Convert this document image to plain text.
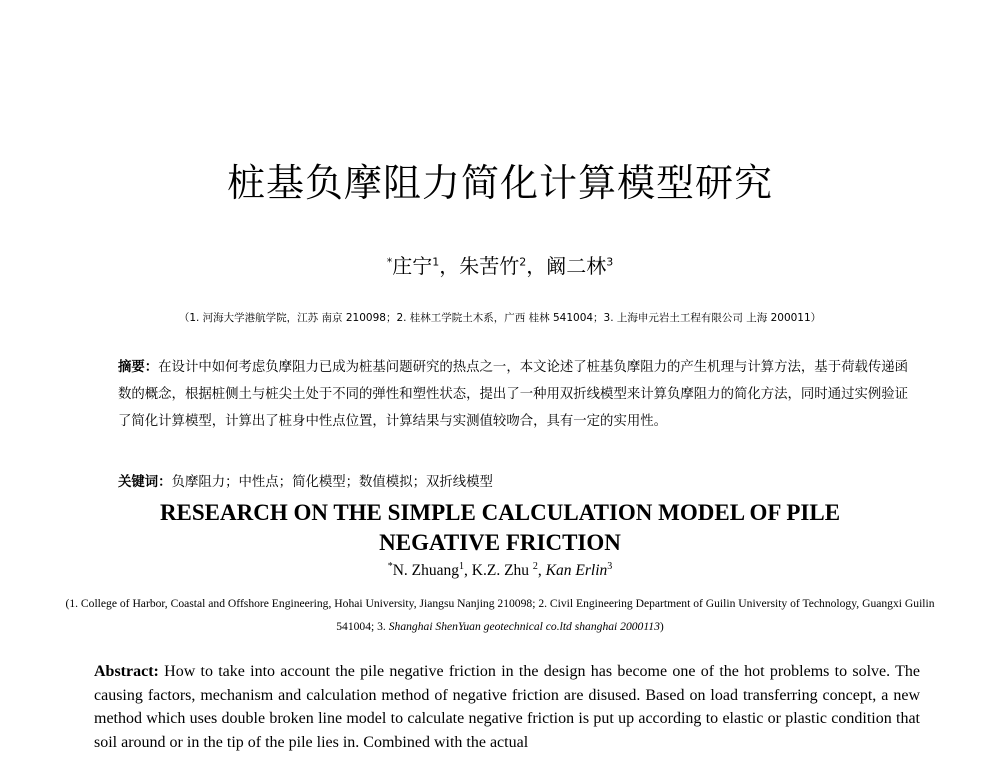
桩基负摩阻力简化计算模型研究
*庄宁$^1$，朱苦竹$^2$，阚二林$^3$
（1. 河海大学港航学院，江苏 南京 210098；2. 桂林工学院土木系，广西 桂林 541004；3. 上海申元岩土工程有限公司 上海 200011）
摘要：在设计中如何考虑负摩阻力已成为桩基问题研究的热点之一，本文论述了桩基负摩阻力的产生机理与计算方法，基于荷载传递函数的概念，根据桩侧土与桩尖土处于不同的弹性和塑性状态，提出了一种用双折线模型来计算负摩阻力的简化方法，同时通过实例验证了简化计算模型，计算出了桩身中性点位置，计算结果与实测值较吻合，具有一定的实用性。
关键词：负摩阻力；中性点；简化模型；数值模拟；双折线模型
RESEARCH ON THE SIMPLE CALCULATION MODEL OF PILE NEGATIVE FRICTION
*N. Zhuang$^1$, K.Z. Zhu $^2$, Kan Erlin$^3$
(1. College of Harbor, Coastal and Offshore Engineering, Hohai University, Jiangsu Nanjing 210098; 2. Civil Engineering Department of Guilin University of Technology, Guangxi Guilin 541004; 3. Shanghai ShenYuan geotechnical co.ltd shanghai 2000113)
Abstract: How to take into account the pile negative friction in the design has become one of the hot problems to solve. The causing factors, mechanism and calculation method of negative friction are disused. Based on load transferring concept, a new method which uses double broken line model to calculate negative friction is put up according to elastic or plastic condition that soil around or in the tip of the pile lies in. Combined with the actual
